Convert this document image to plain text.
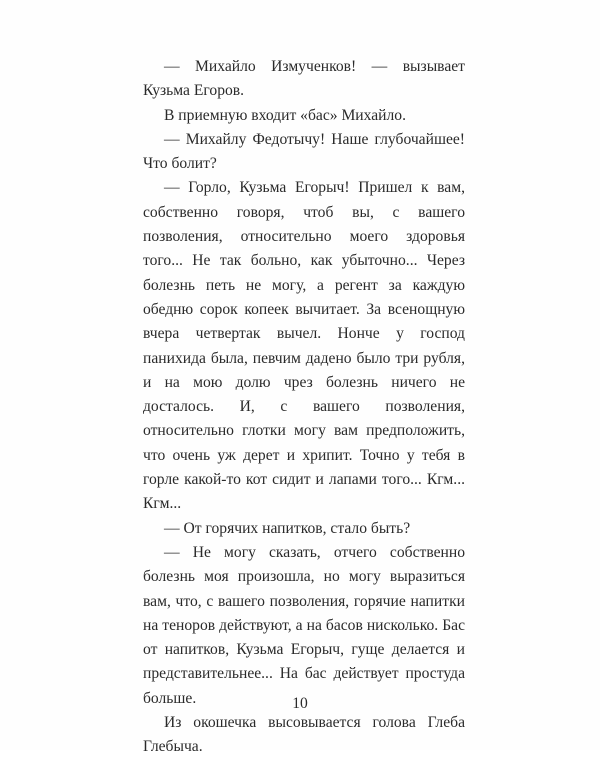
— Михайло Измученков! — вызывает Кузьма Егоров.

В приемную входит «бас» Михайло.

— Михайлу Федотычу! Наше глубочайшее! Что болит?

— Горло, Кузьма Егорыч! Пришел к вам, собственно говоря, чтоб вы, с вашего позволения, относительно моего здоровья того... Не так больно, как убыточно... Через болезнь петь не могу, а регент за каждую обедню сорок копеек вычитает. За всенощную вчера четвертак вычел. Нонче у господ панихида была, певчим дадено было три рубля, и на мою долю чрез болезнь ничего не досталось. И, с вашего позволения, относительно глотки могу вам предположить, что очень уж дерет и хрипит. Точно у тебя в горле какой-то кот сидит и лапами того... Кгм... Кгм...

— От горячих напитков, стало быть?

— Не могу сказать, отчего собственно болезнь моя произошла, но могу выразиться вам, что, с вашего позволения, горячие напитки на теноров действуют, а на басов нисколько. Бас от напитков, Кузьма Егорыч, гуще делается и представительнее... На бас действует простуда больше.

Из окошечка высовывается голова Глеба Глебыча.

10
